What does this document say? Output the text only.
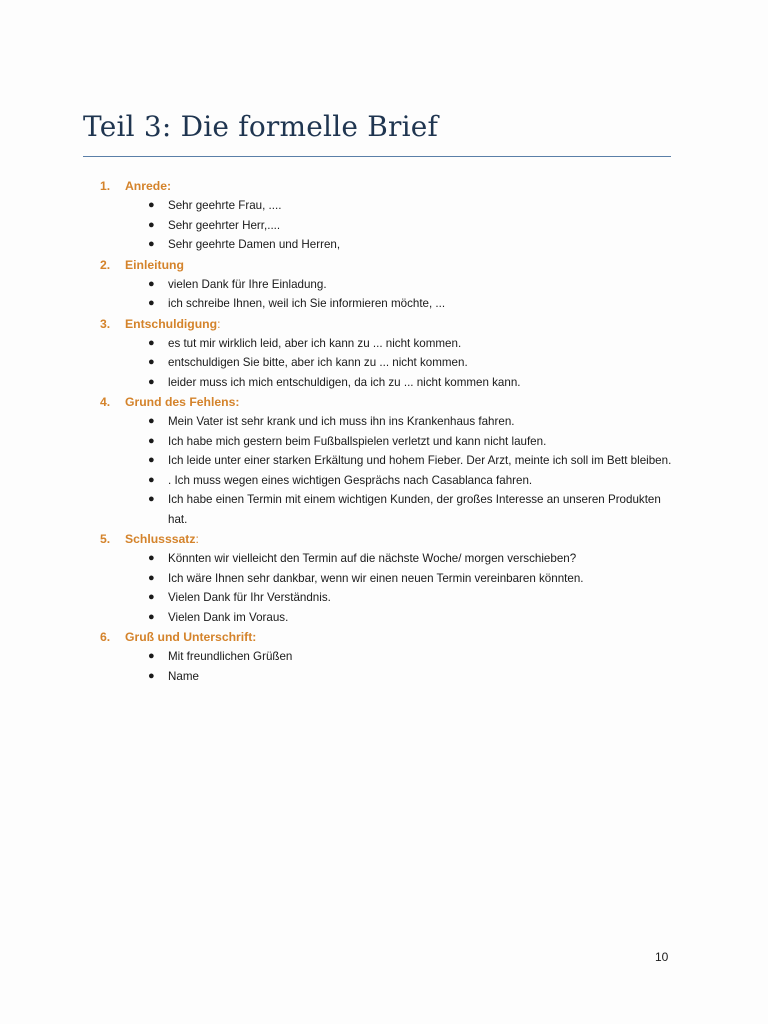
Teil 3: Die formelle Brief
1. Anrede:
● Sehr geehrte Frau, ....
● Sehr geehrter Herr,....
● Sehr geehrte Damen und Herren,
2. Einleitung
● vielen Dank für Ihre Einladung.
● ich schreibe Ihnen, weil ich Sie informieren möchte, ...
3. Entschuldigung:
● es tut mir wirklich leid, aber ich kann zu ... nicht kommen.
● entschuldigen Sie bitte, aber ich kann zu ... nicht kommen.
● leider muss ich mich entschuldigen, da ich zu ... nicht kommen kann.
4. Grund des Fehlens:
● Mein Vater ist sehr krank und ich muss ihn ins Krankenhaus fahren.
● Ich habe mich gestern beim Fußballspielen verletzt und kann nicht laufen.
● Ich leide unter einer starken Erkältung und hohem Fieber. Der Arzt, meinte ich soll im Bett bleiben.
● . Ich muss wegen eines wichtigen Gesprächs nach Casablanca fahren.
● Ich habe einen Termin mit einem wichtigen Kunden, der großes Interesse an unseren Produkten hat.
5. Schlusssatz:
● Könnten wir vielleicht den Termin auf die nächste Woche/ morgen verschieben?
● Ich wäre Ihnen sehr dankbar, wenn wir einen neuen Termin vereinbaren könnten.
● Vielen Dank für Ihr Verständnis.
● Vielen Dank im Voraus.
6. Gruß und Unterschrift:
● Mit freundlichen Grüßen
● Name
10
